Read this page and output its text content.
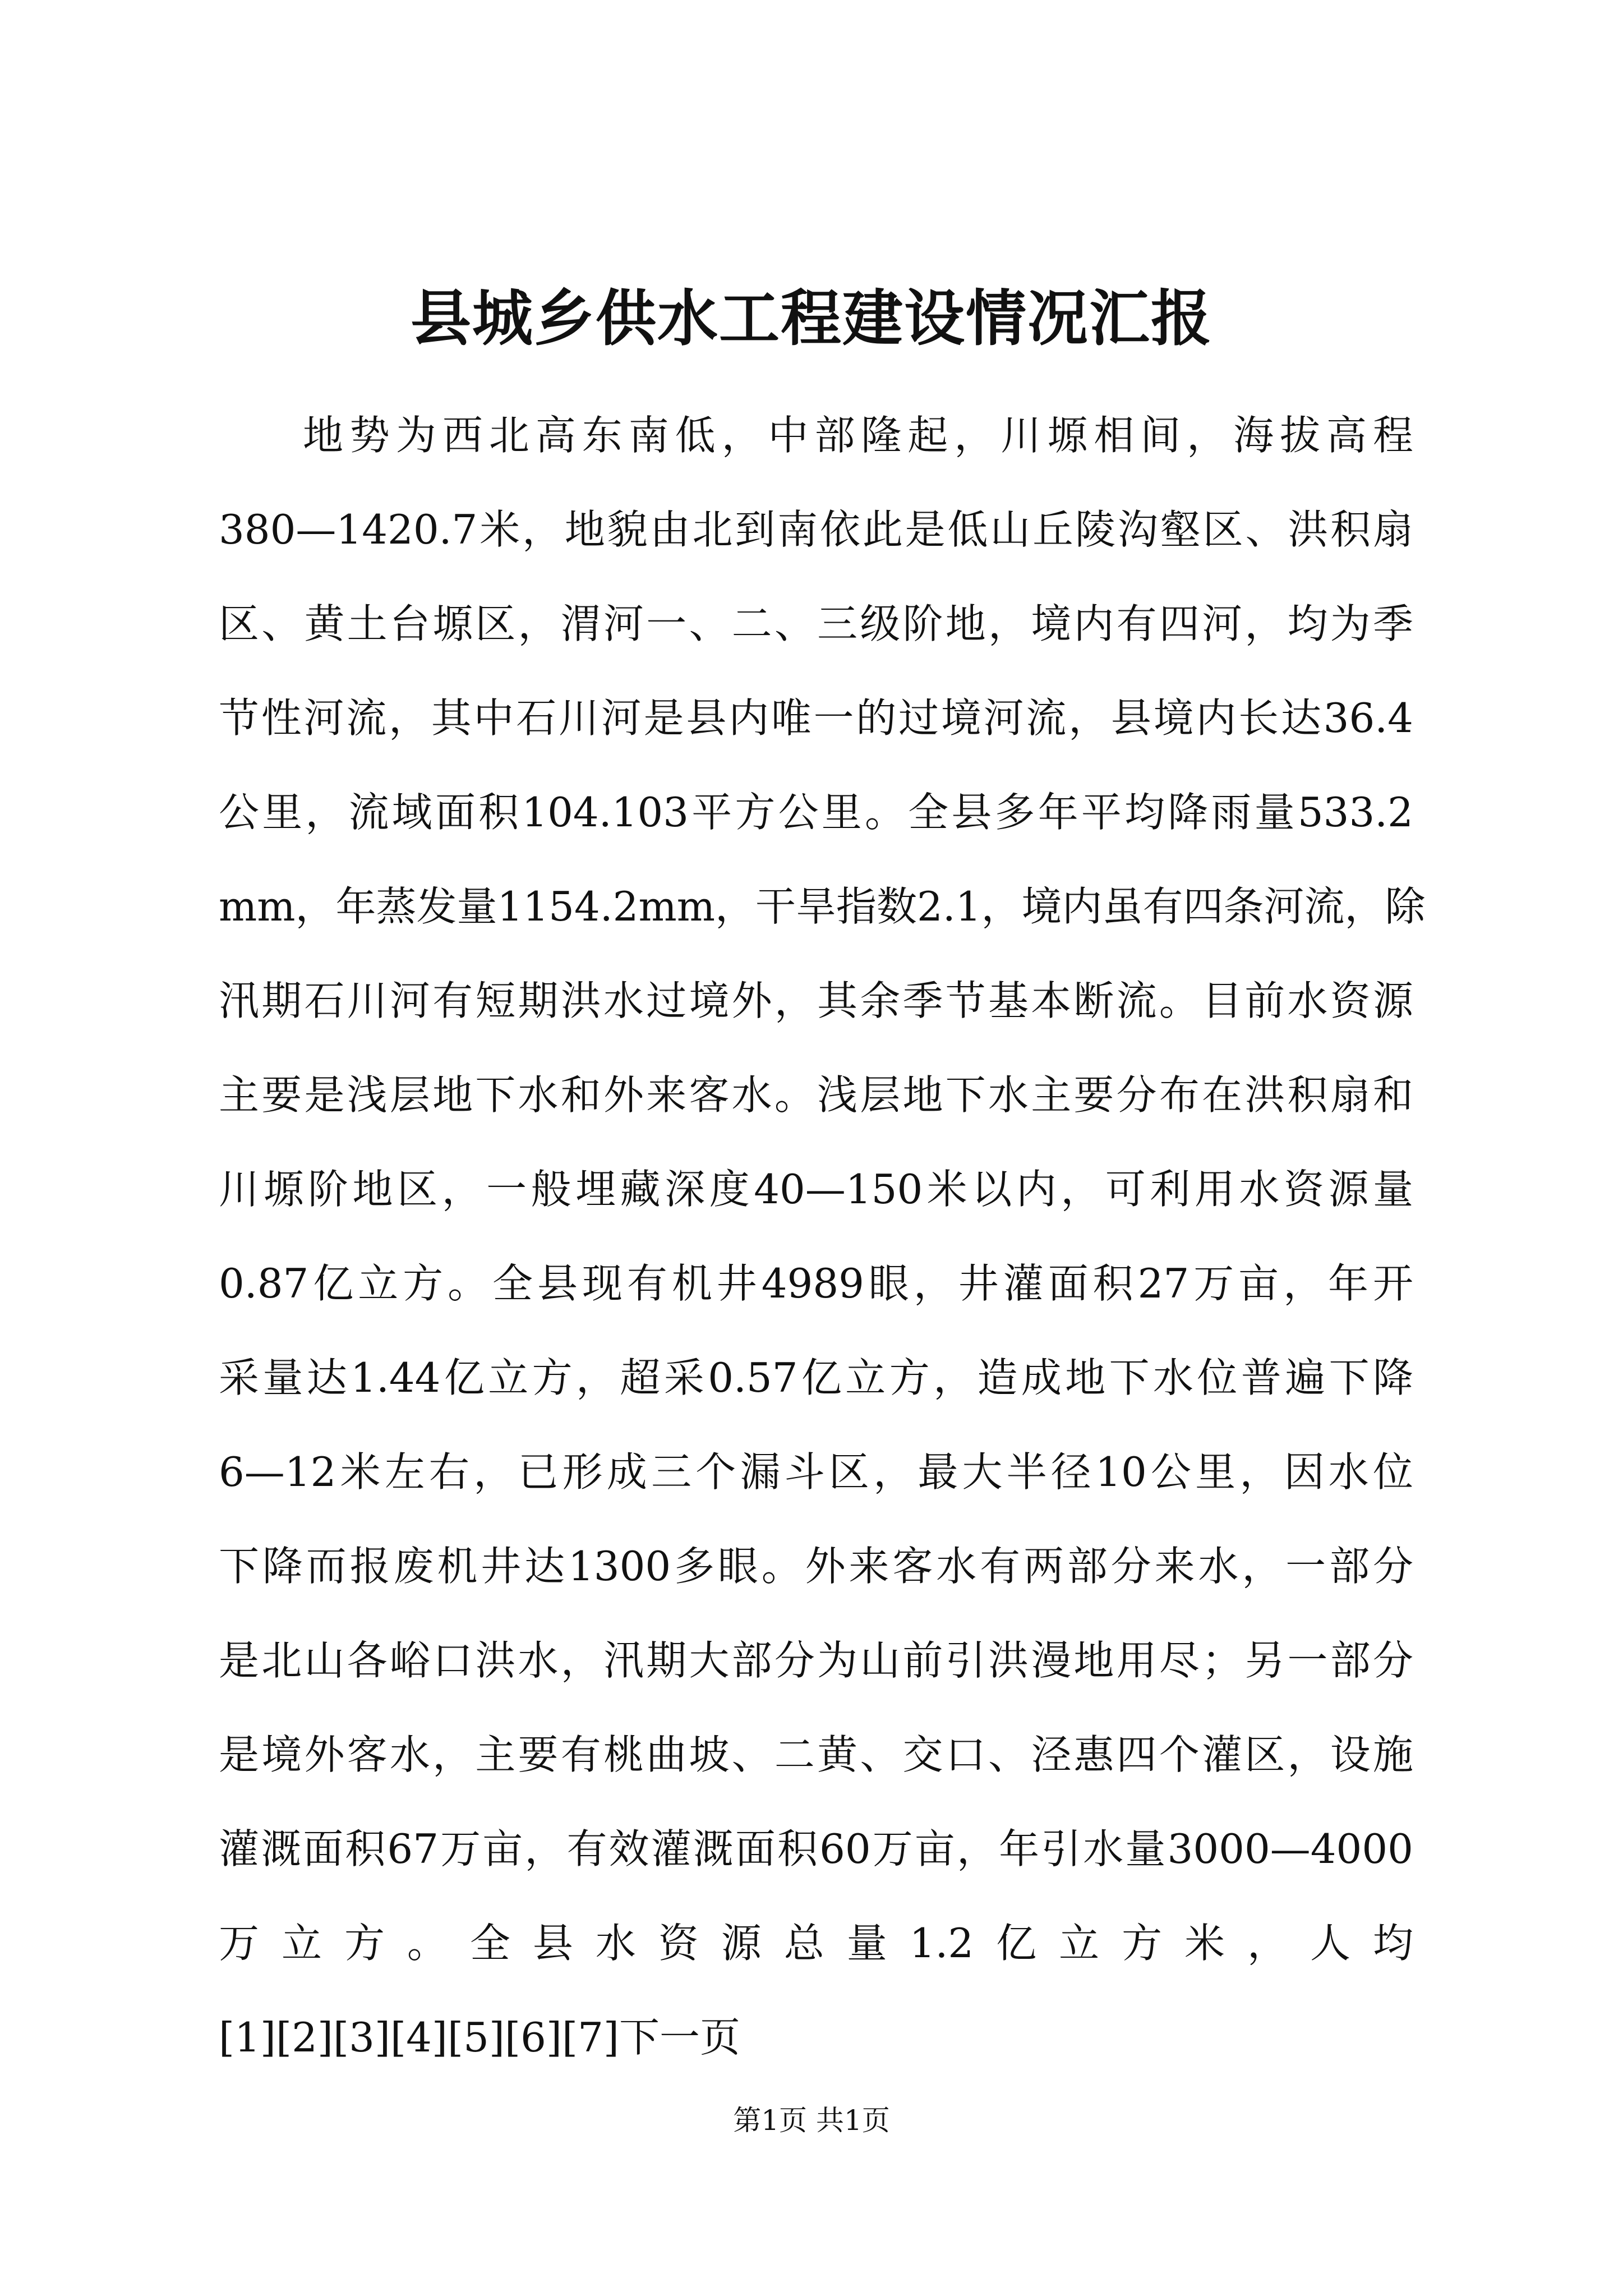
县城乡供水工程建设情况汇报
地势为西北高东南低，中部隆起，川塬相间，海拔高程
380—1420.7米，地貌由北到南依此是低山丘陵沟壑区、洪积扇
区、黄土台塬区，渭河一、二、三级阶地，境内有四河，均为季
节性河流，其中石川河是县内唯一的过境河流，县境内长达36.4
公里，流域面积104.103平方公里。全县多年平均降雨量533.2
mm，年蒸发量1154.2mm，干旱指数2.1，境内虽有四条河流，除
汛期石川河有短期洪水过境外，其余季节基本断流。目前水资源
主要是浅层地下水和外来客水。浅层地下水主要分布在洪积扇和
川塬阶地区，一般埋藏深度40—150米以内，可利用水资源量
0.87亿立方。全县现有机井4989眼，井灌面积27万亩，年开
采量达1.44亿立方，超采0.57亿立方，造成地下水位普遍下降
6—12米左右，已形成三个漏斗区，最大半径10公里，因水位
下降而报废机井达1300多眼。外来客水有两部分来水，一部分
是北山各峪口洪水，汛期大部分为山前引洪漫地用尽；另一部分
是境外客水，主要有桃曲坡、二黄、交口、泾惠四个灌区，设施
灌溉面积67万亩，有效灌溉面积60万亩，年引水量3000—4000
万立方。全县水资源总量1.2亿立方米，人均
[1][2][3][4][5][6][7]下一页
第1页 共1页
